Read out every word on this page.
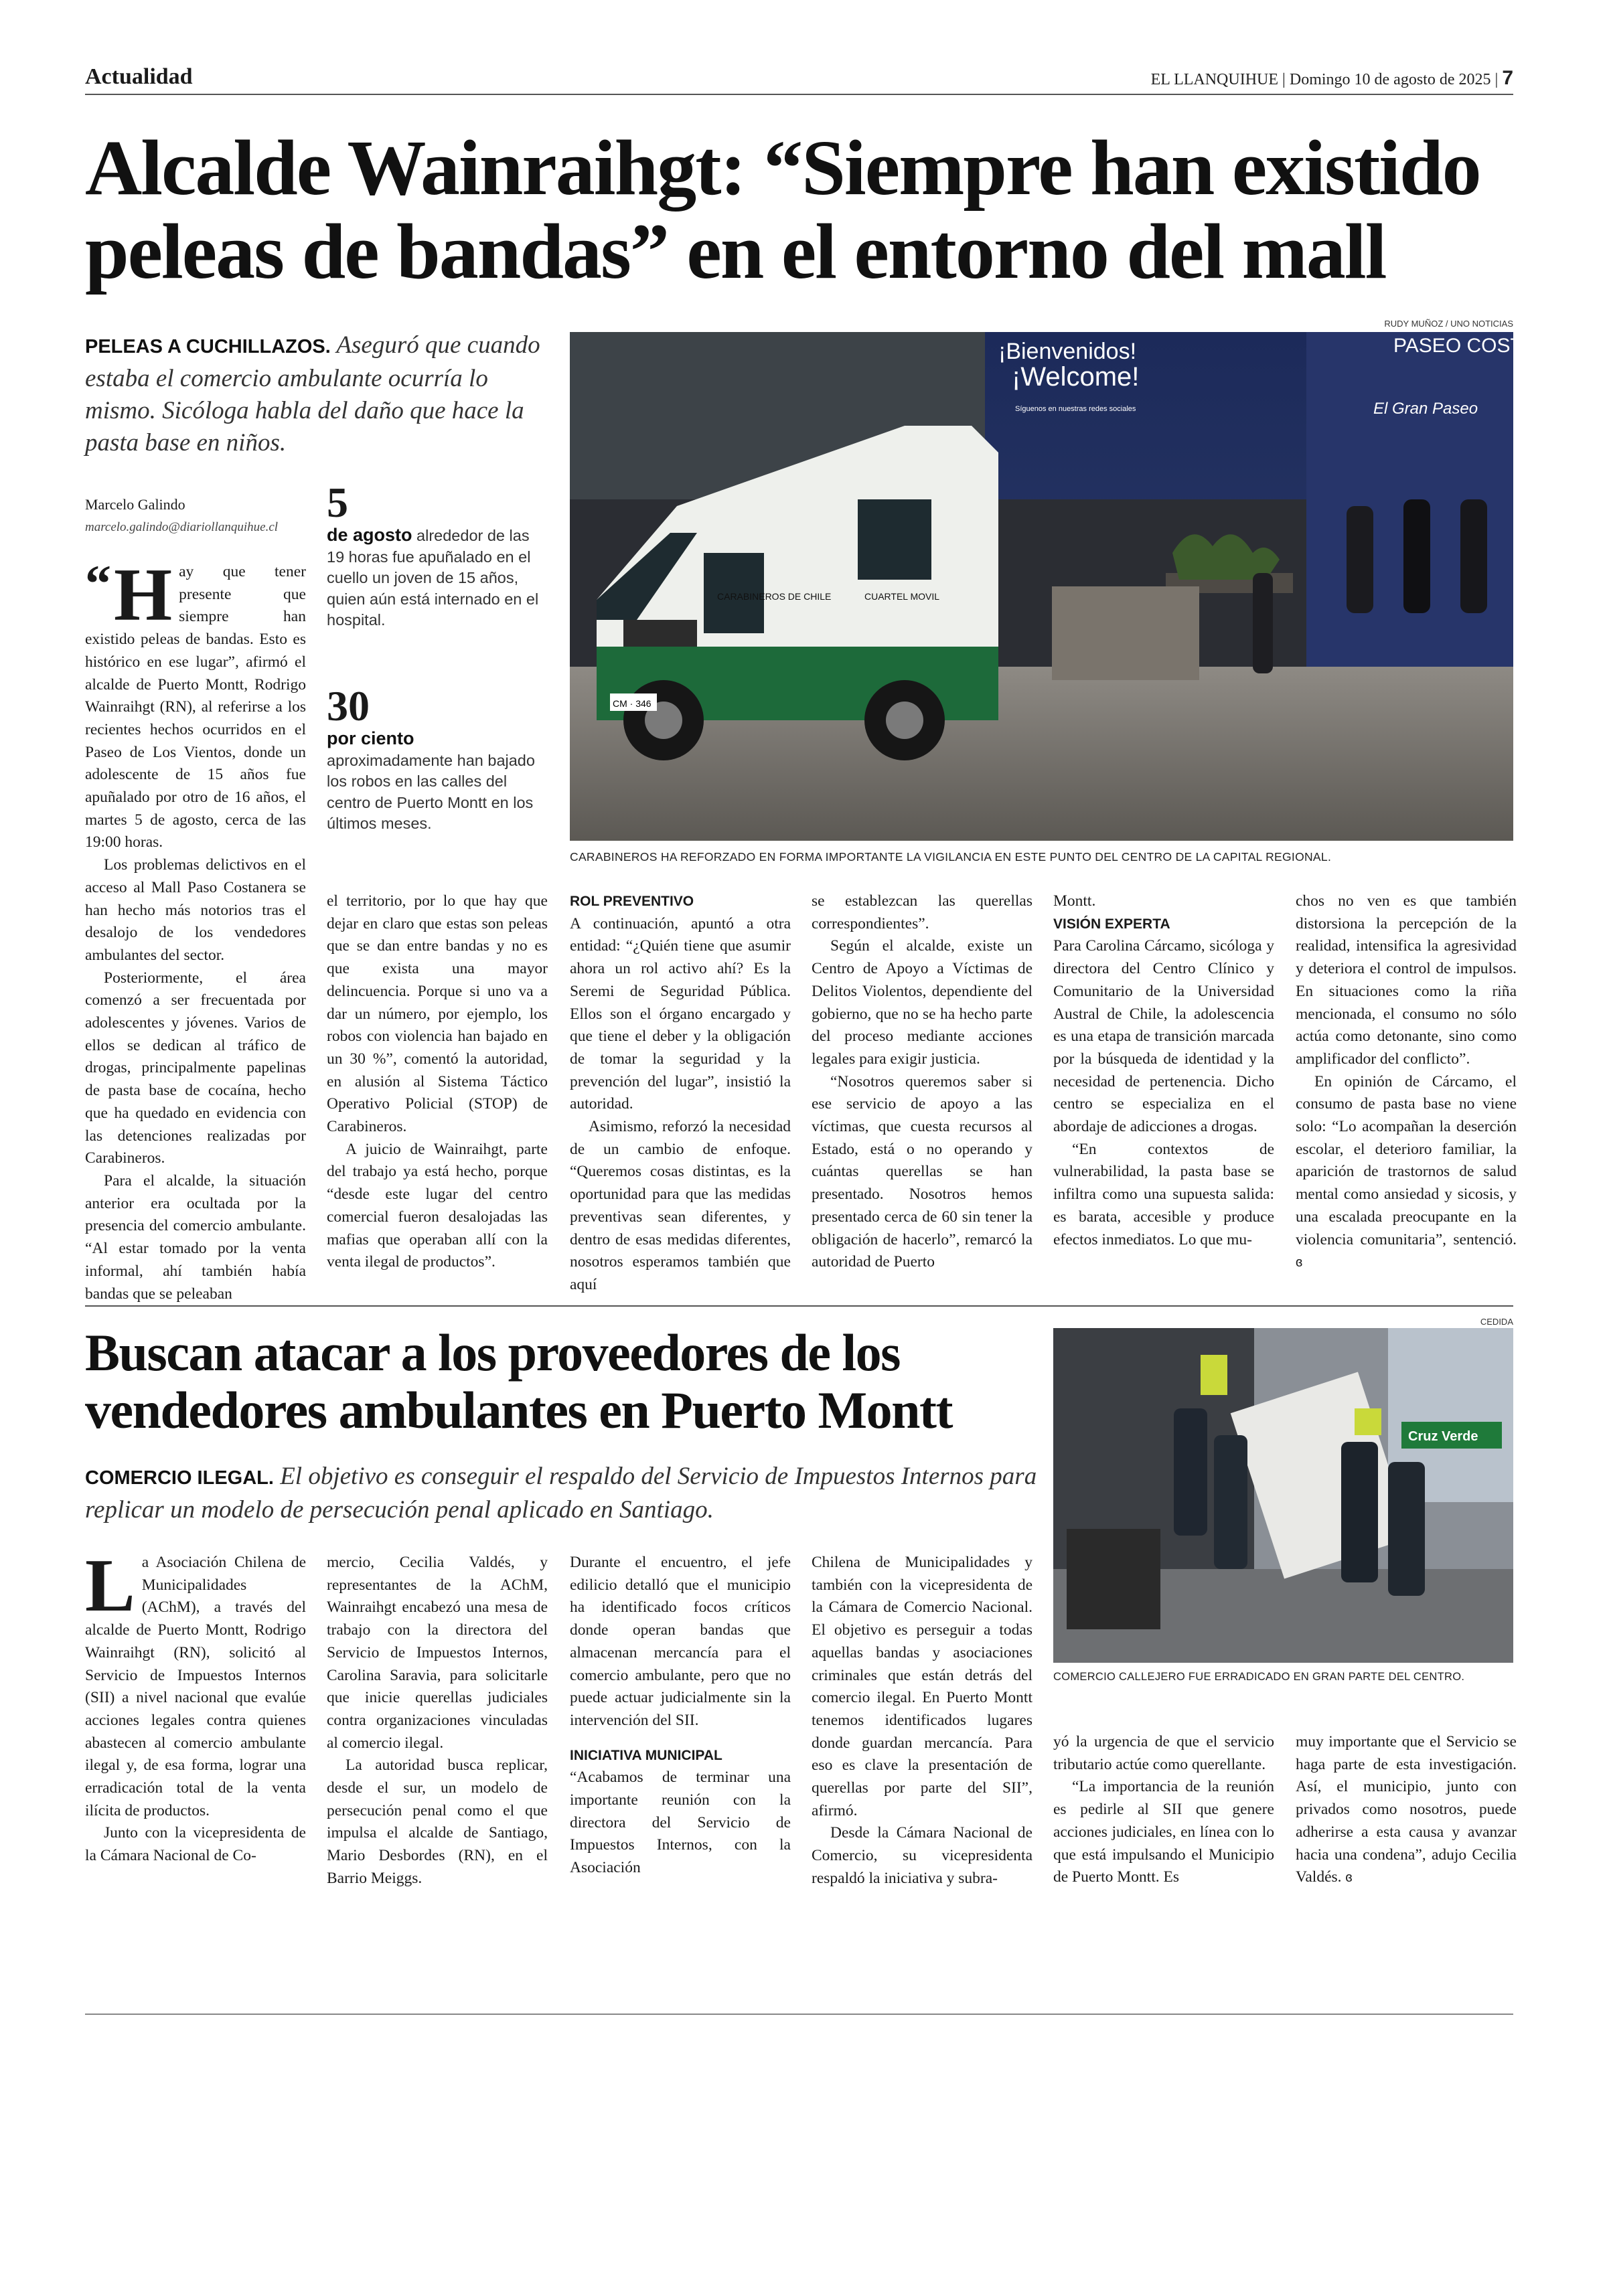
Actualidad	EL LLANQUIHUE | Domingo 10 de agosto de 2025 | 7
Alcalde Wainraihgt: “Siempre han existido
peleas de bandas” en el entorno del mall
PELEAS A CUCHILLAZOS. Aseguró que cuando estaba el comercio ambulante ocurría lo mismo. Sicóloga habla del daño que hace la pasta base en niños.
Marcelo Galindo
marcelo.galindo@diariollanquihue.cl
RUDY MUÑOZ / UNO NOTICIAS
¡Bienvenidos!
¡Welcome!
Síguenos en nuestras redes sociales
PASEO COSTANERA
El Gran Paseo
CARABINEROS DE CHILE	CUARTEL MOVIL
CM · 346
CARABINEROS HA REFORZADO EN FORMA IMPORTANTE LA VIGILANCIA EN ESTE PUNTO DEL CENTRO DE LA CAPITAL REGIONAL.
5
de agosto alrededor de las 19 horas fue apuñalado en el cuello un joven de 15 años, quien aún está internado en el hospital.
30
por ciento aproximadamente han bajado los robos en las calles del centro de Puerto Montt en los últimos meses.

“ H ay que tener presente que siempre han existido peleas de bandas. Esto es histórico en ese lugar”, afirmó el alcalde de Puerto Montt, Rodrigo Wainraihgt (RN), al referirse a los recientes hechos ocurridos en el Paseo de Los Vientos, donde un adolescente de 15 años fue apuñalado por otro de 16 años, el martes 5 de agosto, cerca de las 19:00 horas.

Los problemas delictivos en el acceso al Mall Paso Costanera se han hecho más notorios tras el desalojo de los vendedores ambulantes del sector.

Posteriormente, el área comenzó a ser frecuentada por adolescentes y jóvenes. Varios de ellos se dedican al tráfico de drogas, principalmente papelinas de pasta base de cocaína, hecho que ha quedado en evidencia con las detenciones realizadas por Carabineros.

Para el alcalde, la situación anterior era ocultada por la presencia del comercio ambulante. “Al estar tomado por la venta informal, ahí también había bandas que se peleaban

el territorio, por lo que hay que dejar en claro que estas son peleas que se dan entre bandas y no es que exista una mayor delincuencia. Porque si uno va a dar un número, por ejemplo, los robos con violencia han bajado en un 30 %”, comentó la autoridad, en alusión al Sistema Táctico Operativo Policial (STOP) de Carabineros.

A juicio de Wainraihgt, parte del trabajo ya está hecho, porque “desde este lugar del centro comercial fueron desalojadas las mafias que operaban allí con la venta ilegal de productos”.

ROL PREVENTIVO

A continuación, apuntó a otra entidad: “¿Quién tiene que asumir ahora un rol activo ahí? Es la Seremi de Seguridad Pública. Ellos son el órgano encargado y que tiene el deber y la obligación de tomar la seguridad y la prevención del lugar”, insistió la autoridad.

Asimismo, reforzó la necesidad de un cambio de enfoque. “Queremos cosas distintas, es la oportunidad para que las medidas preventivas sean diferentes, y dentro de esas medidas diferentes, nosotros esperamos también que aquí

se establezcan las querellas correspondientes”.

Según el alcalde, existe un Centro de Apoyo a Víctimas de Delitos Violentos, dependiente del gobierno, que no se ha hecho parte del proceso mediante acciones legales para exigir justicia.

“Nosotros queremos saber si ese servicio de apoyo a las víctimas, que cuesta recursos al Estado, está o no operando y cuántas querellas se han presentado. Nosotros hemos presentado cerca de 60 sin tener la obligación de hacerlo”, remarcó la autoridad de Puerto

Montt.

VISIÓN EXPERTA

Para Carolina Cárcamo, sicóloga y directora del Centro Clínico y Comunitario de la Universidad Austral de Chile, la adolescencia es una etapa de transición marcada por la búsqueda de identidad y la necesidad de pertenencia. Dicho centro se especializa en el abordaje de adicciones a drogas.

“En contextos de vulnerabilidad, la pasta base se infiltra como una supuesta salida: es barata, accesible y produce efectos inmediatos. Lo que mu-

chos no ven es que también distorsiona la percepción de la realidad, intensifica la agresividad y deteriora el control de impulsos. En situaciones como la riña mencionada, el consumo no sólo actúa como detonante, sino como amplificador del conflicto”.

En opinión de Cárcamo, el consumo de pasta base no viene solo: “Lo acompañan la deserción escolar, el deterioro familiar, la aparición de trastornos de salud mental como ansiedad y sicosis, y una escalada preocupante en la violencia comunitaria”, sentenció. ɞ

Buscan atacar a los proveedores de los
vendedores ambulantes en Puerto Montt
COMERCIO ILEGAL. El objetivo es conseguir el respaldo del Servicio de Impuestos Internos para replicar un modelo de persecución penal aplicado en Santiago.
CEDIDA
Cruz Verde
COMERCIO CALLEJERO FUE ERRADICADO EN GRAN PARTE DEL CENTRO.

La Asociación Chilena de Municipalidades (AChM), a través del alcalde de Puerto Montt, Rodrigo Wainraihgt (RN), solicitó al Servicio de Impuestos Internos (SII) a nivel nacional que evalúe acciones legales contra quienes abastecen al comercio ambulante ilegal y, de esa forma, lograr una erradicación total de la venta ilícita de productos.

Junto con la vicepresidenta de la Cámara Nacional de Co-

mercio, Cecilia Valdés, y representantes de la AChM, Wainraihgt encabezó una mesa de trabajo con la directora del Servicio de Impuestos Internos, Carolina Saravia, para solicitarle que inicie querellas judiciales contra organizaciones vinculadas al comercio ilegal.

La autoridad busca replicar, desde el sur, un modelo de persecución penal como el que impulsa el alcalde de Santiago, Mario Desbordes (RN), en el Barrio Meiggs.

Durante el encuentro, el jefe edilicio detalló que el municipio ha identificado focos críticos donde operan bandas que almacenan mercancía para el comercio ambulante, pero que no puede actuar judicialmente sin la intervención del SII.

INICIATIVA MUNICIPAL

“Acabamos de terminar una importante reunión con la directora del Servicio de Impuestos Internos, con la Asociación

Chilena de Municipalidades y también con la vicepresidenta de la Cámara de Comercio Nacional. El objetivo es perseguir a todas aquellas bandas y asociaciones criminales que están detrás del comercio ilegal. En Puerto Montt tenemos identificados lugares donde guardan mercancía. Para eso es clave la presentación de querellas por parte del SII”, afirmó.

Desde la Cámara Nacional de Comercio, su vicepresidenta respaldó la iniciativa y subra-

yó la urgencia de que el servicio tributario actúe como querellante.

“La importancia de la reunión es pedirle al SII que genere acciones judiciales, en línea con lo que está impulsando el Municipio de Puerto Montt. Es

muy importante que el Servicio se haga parte de esta investigación. Así, el municipio, junto con privados como nosotros, puede adherirse a esta causa y avanzar hacia una condena”, adujo Cecilia Valdés. ɞ
